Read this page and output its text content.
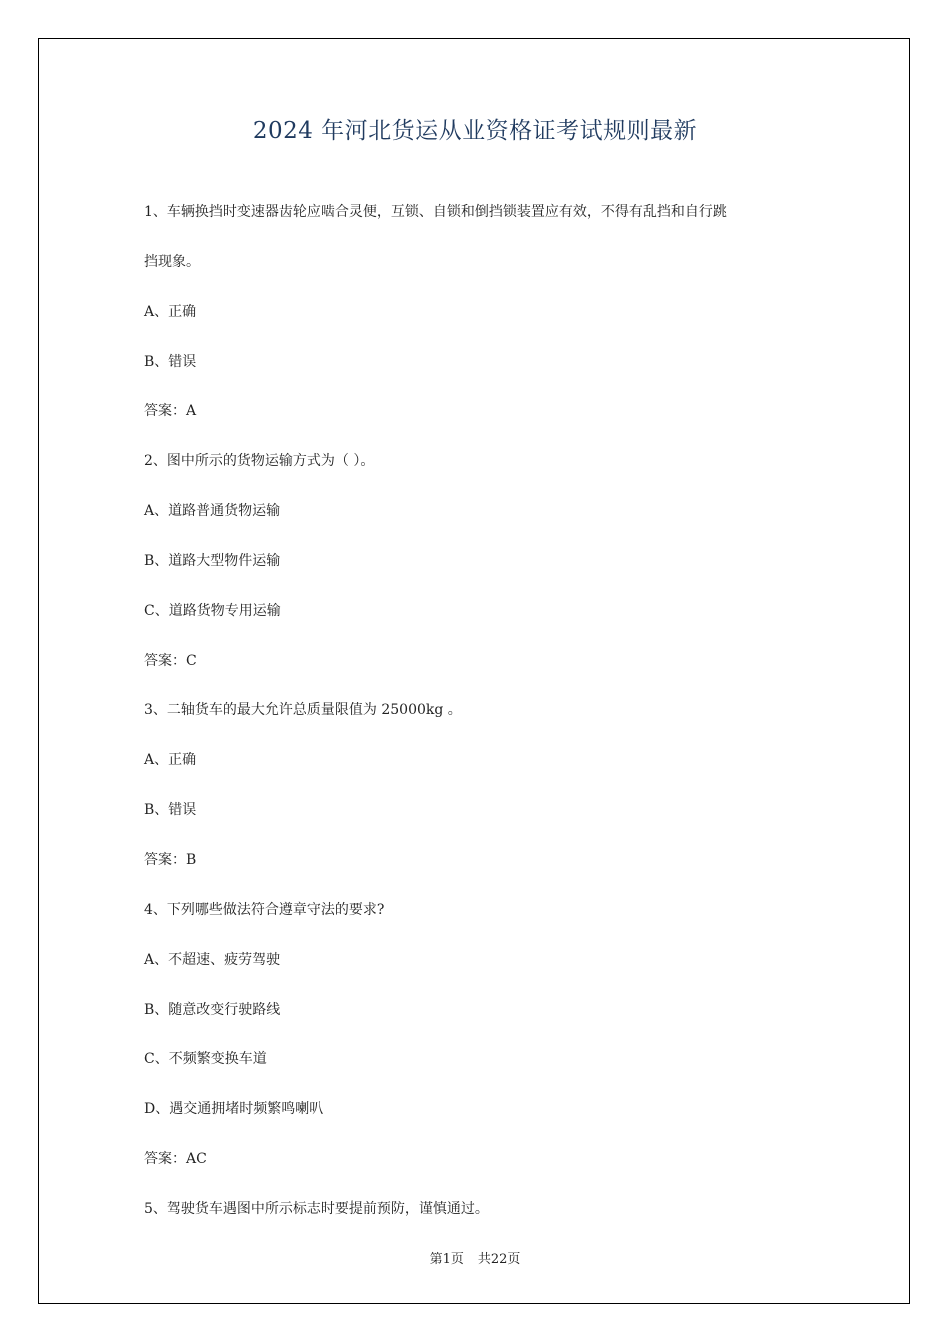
2024 年河北货运从业资格证考试规则最新
1、车辆换挡时变速器齿轮应啮合灵便，互锁、自锁和倒挡锁装置应有效，不得有乱挡和自行跳
挡现象。
A、正确
B、错误
答案：A
2、图中所示的货物运输方式为（ ）。
A、道路普通货物运输
B、道路大型物件运输
C、道路货物专用运输
答案：C
3、二轴货车的最大允许总质量限值为 25000kg 。
A、正确
B、错误
答案：B
4、下列哪些做法符合遵章守法的要求?
A、不超速、疲劳驾驶
B、随意改变行驶路线
C、不频繁变换车道
D、遇交通拥堵时频繁鸣喇叭
答案：AC
5、驾驶货车遇图中所示标志时要提前预防，谨慎通过。
第1页 共22页
